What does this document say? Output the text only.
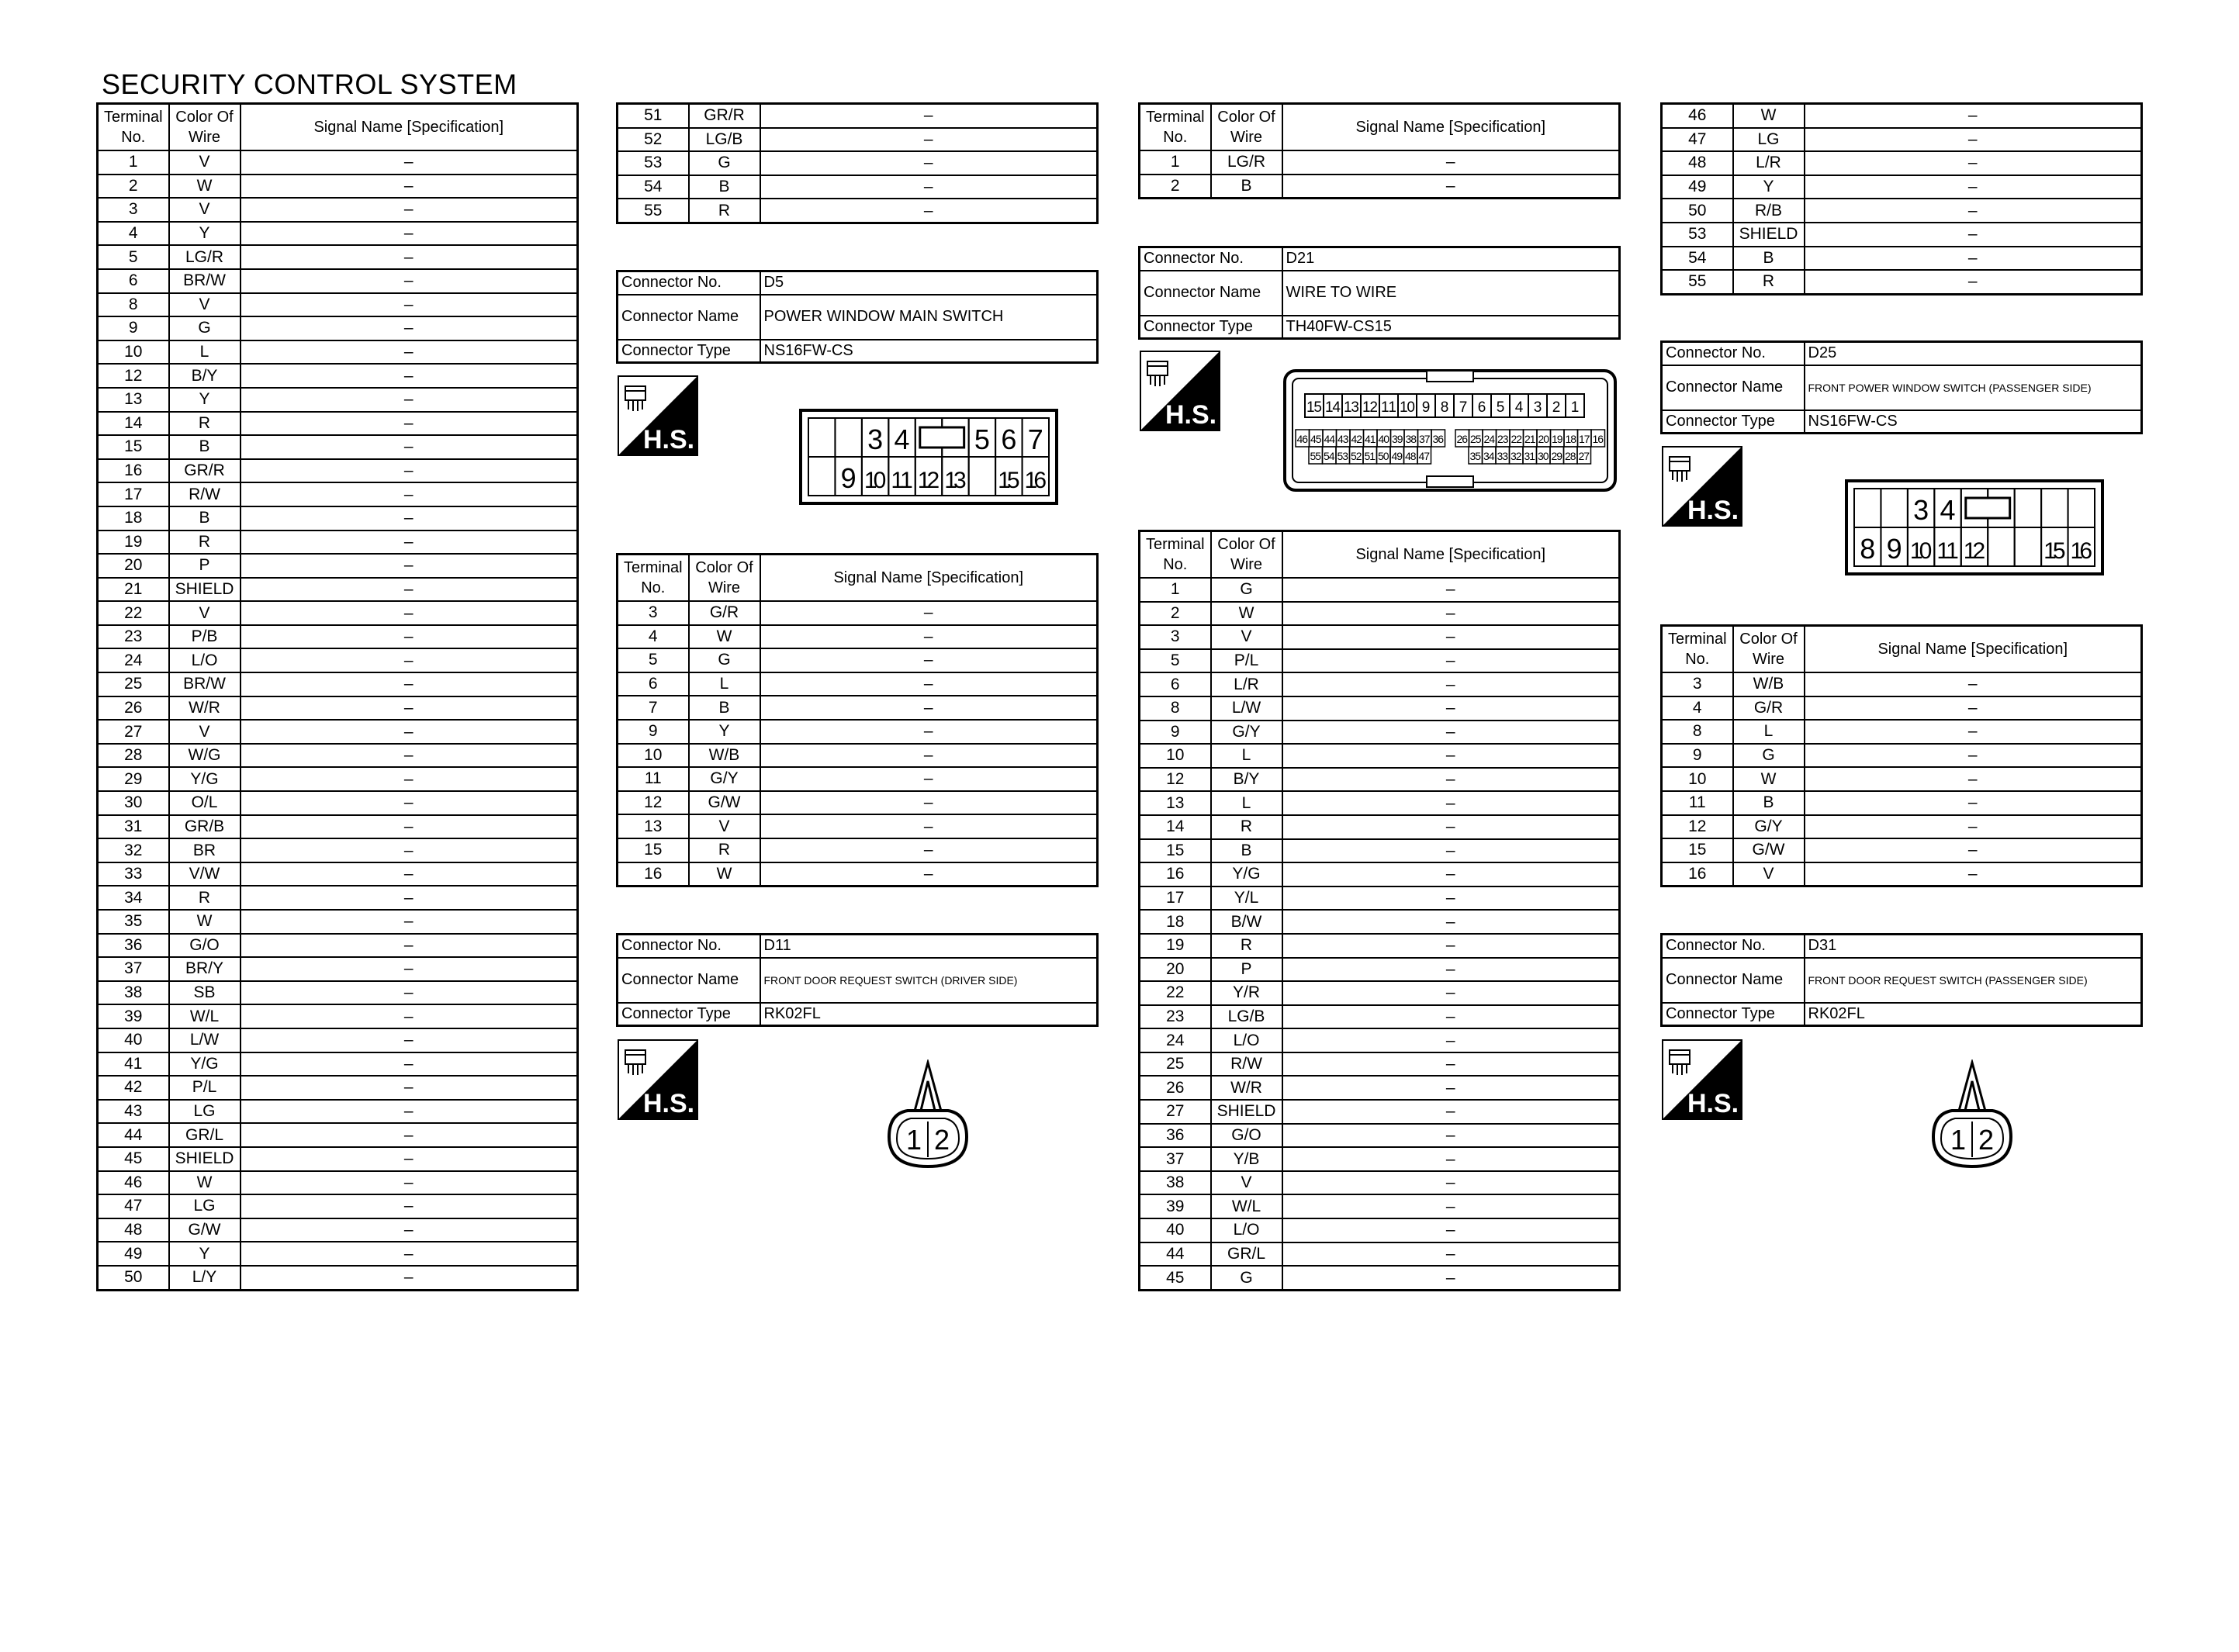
SECURITY CONTROL SYSTEM
Terminal
No.	Color Of
Wire	Signal Name [Specification]
1	V	–
2	W	–
3	V	–
4	Y	–
5	LG/R	–
6	BR/W	–
8	V	–
9	G	–
10	L	–
12	B/Y	–
13	Y	–
14	R	–
15	B	–
16	GR/R	–
17	R/W	–
18	B	–
19	R	–
20	P	–
21	SHIELD	–
22	V	–
23	P/B	–
24	L/O	–
25	BR/W	–
26	W/R	–
27	V	–
28	W/G	–
29	Y/G	–
30	O/L	–
31	GR/B	–
32	BR	–
33	V/W	–
34	R	–
35	W	–
36	G/O	–
37	BR/Y	–
38	SB	–
39	W/L	–
40	L/W	–
41	Y/G	–
42	P/L	–
43	LG	–
44	GR/L	–
45	SHIELD	–
46	W	–
47	LG	–
48	G/W	–
49	Y	–
50	L/Y	–
51	GR/R	–
52	LG/B	–
53	G	–
54	B	–
55	R	–
Connector No.	D5
Connector Name	POWER WINDOW MAIN SWITCH
Connector Type	NS16FW-CS
H.S.
H.S.
H.S.
H.S.	H.S.
3 4 5 6 7
9 10 11 12 13 15 16
Terminal
No.	Color Of
Wire	Signal Name [Specification]
3	G/R	–
4	W	–
5	G	–
6	L	–
7	B	–
9	Y	–
10	W/B	–
11	G/Y	–
12	G/W	–
13	V	–
15	R	–
16	W	–
Connector No.	D11
Connector Name	FRONT DOOR REQUEST SWITCH (DRIVER SIDE)
Connector Type	RK02FL
1 2
Terminal
No.	Color Of
Wire	Signal Name [Specification]
1	LG/R	–
2	B	–
Connector No.	D21
Connector Name	WIRE TO WIRE
Connector Type	TH40FW-CS15
15 14 13 12 11 10 9 8 7 6 5 4 3 2 1
46 45 44 43 42 41 40 39 38 37 36 26 25 24 23 22 21 20 19 18 17 16
55 54 53 52 51 50 49 48 47	35 34 33 32 31 30 29 28 27
Terminal
No.	Color Of
Wire	Signal Name [Specification]
1	G	–
2	W	–
3	V	–
5	P/L	–
6	L/R	–
8	L/W	–
9	G/Y	–
10	L	–
12	B/Y	–
13	L	–
14	R	–
15	B	–
16	Y/G	–
17	Y/L	–
18	B/W	–
19	R	–
20	P	–
22	Y/R	–
23	LG/B	–
24	L/O	–
25	R/W	–
26	W/R	–
27	SHIELD	–
36	G/O	–
37	Y/B	–
38	V	–
39	W/L	–
40	L/O	–
44	GR/L	–
45	G	–
46	W	–
47	LG	–
48	L/R	–
49	Y	–
50	R/B	–
53	SHIELD	–
54	B	–
55	R	–
Connector No.	D25
Connector Name	FRONT POWER WINDOW SWITCH (PASSENGER SIDE)
Connector Type	NS16FW-CS
3 4
8 9 10 11 12 15 16
Terminal
No.	Color Of
Wire	Signal Name [Specification]
3	W/B	–
4	G/R	–
8	L	–
9	G	–
10	W	–
11	B	–
12	G/Y	–
15	G/W	–
16	V	–
Connector No.	D31
Connector Name	FRONT DOOR REQUEST SWITCH (PASSENGER SIDE)
Connector Type	RK02FL
1 2
